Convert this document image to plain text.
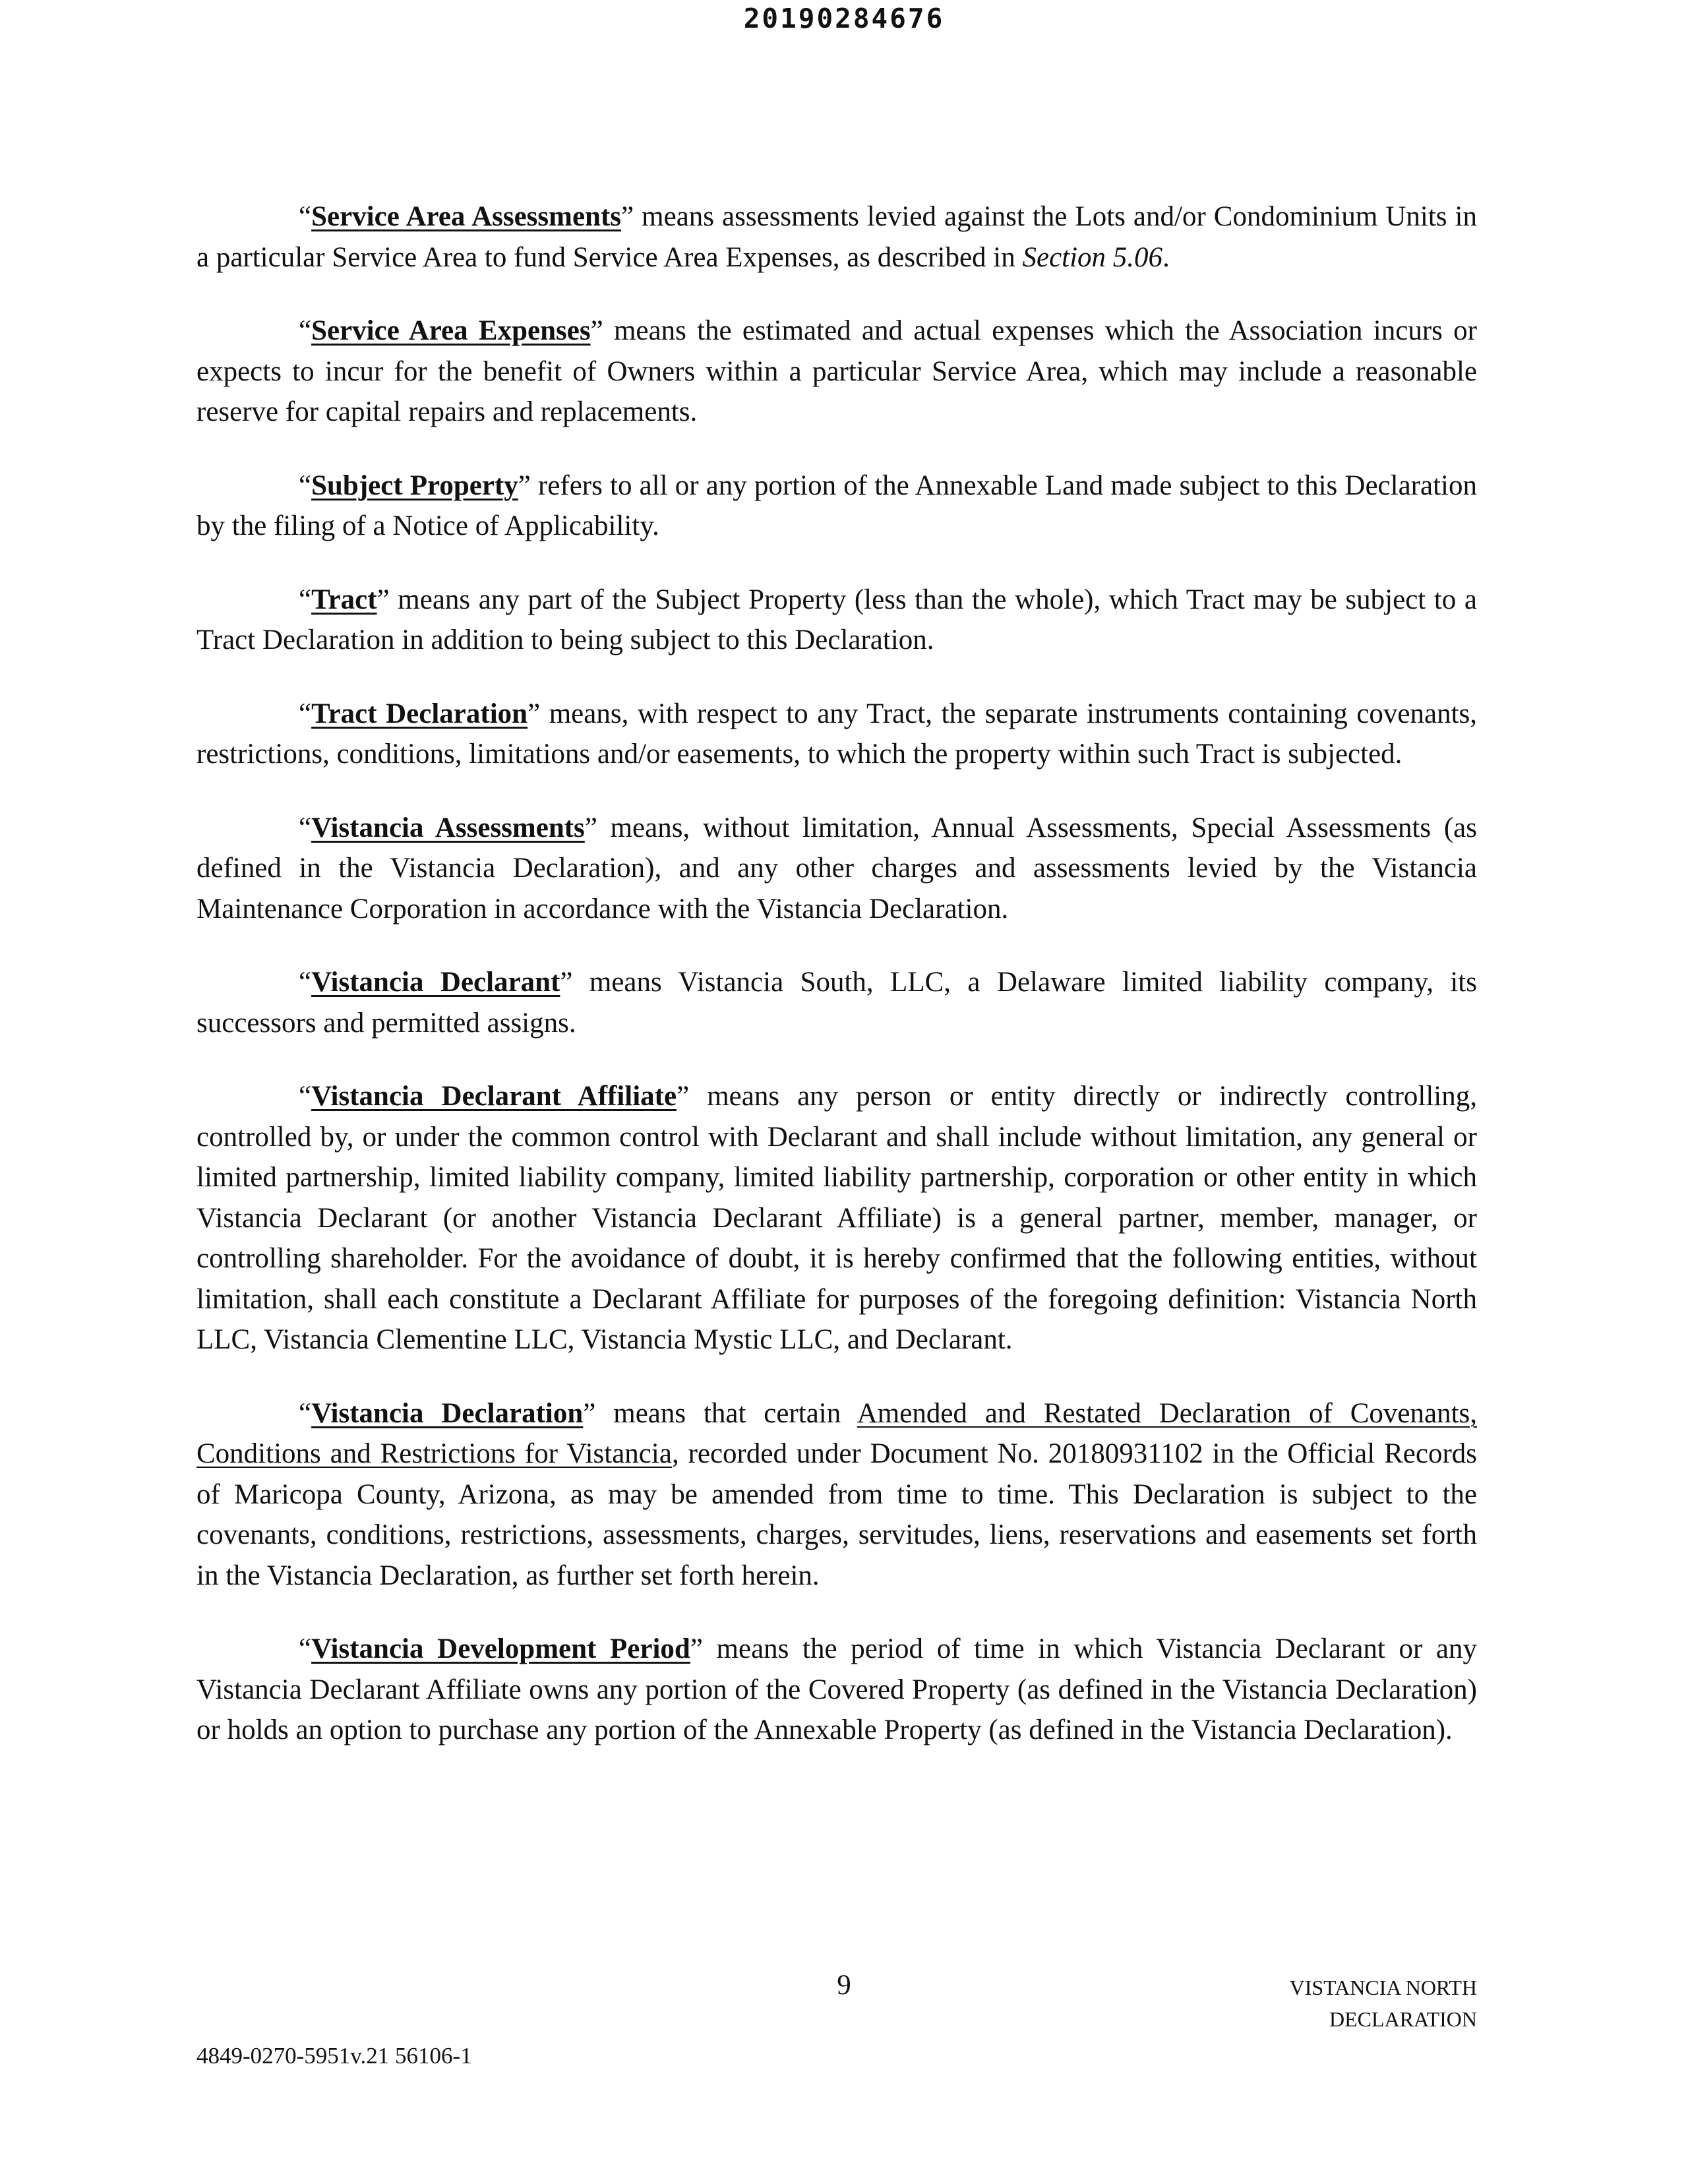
20190284676

“Service Area Assessments” means assessments levied against the Lots and/or Condominium Units in a particular Service Area to fund Service Area Expenses, as described in Section 5.06.

“Service Area Expenses” means the estimated and actual expenses which the Association incurs or expects to incur for the benefit of Owners within a particular Service Area, which may include a reasonable reserve for capital repairs and replacements.

“Subject Property” refers to all or any portion of the Annexable Land made subject to this Declaration by the filing of a Notice of Applicability.

“Tract” means any part of the Subject Property (less than the whole), which Tract may be subject to a Tract Declaration in addition to being subject to this Declaration.

“Tract Declaration” means, with respect to any Tract, the separate instruments containing covenants, restrictions, conditions, limitations and/or easements, to which the property within such Tract is subjected.

“Vistancia Assessments” means, without limitation, Annual Assessments, Special Assessments (as defined in the Vistancia Declaration), and any other charges and assessments levied by the Vistancia Maintenance Corporation in accordance with the Vistancia Declaration.

“Vistancia Declarant” means Vistancia South, LLC, a Delaware limited liability company, its successors and permitted assigns.

“Vistancia Declarant Affiliate” means any person or entity directly or indirectly controlling, controlled by, or under the common control with Declarant and shall include without limitation, any general or limited partnership, limited liability company, limited liability partnership, corporation or other entity in which Vistancia Declarant (or another Vistancia Declarant Affiliate) is a general partner, member, manager, or controlling shareholder. For the avoidance of doubt, it is hereby confirmed that the following entities, without limitation, shall each constitute a Declarant Affiliate for purposes of the foregoing definition: Vistancia North LLC, Vistancia Clementine LLC, Vistancia Mystic LLC, and Declarant.

“Vistancia Declaration” means that certain Amended and Restated Declaration of Covenants, Conditions and Restrictions for Vistancia, recorded under Document No. 20180931102 in the Official Records of Maricopa County, Arizona, as may be amended from time to time. This Declaration is subject to the covenants, conditions, restrictions, assessments, charges, servitudes, liens, reservations and easements set forth in the Vistancia Declaration, as further set forth herein.

“Vistancia Development Period” means the period of time in which Vistancia Declarant or any Vistancia Declarant Affiliate owns any portion of the Covered Property (as defined in the Vistancia Declaration) or holds an option to purchase any portion of the Annexable Property (as defined in the Vistancia Declaration).

9	VISTANCIA NORTH
DECLARATION
4849-0270-5951v.21 56106-1
